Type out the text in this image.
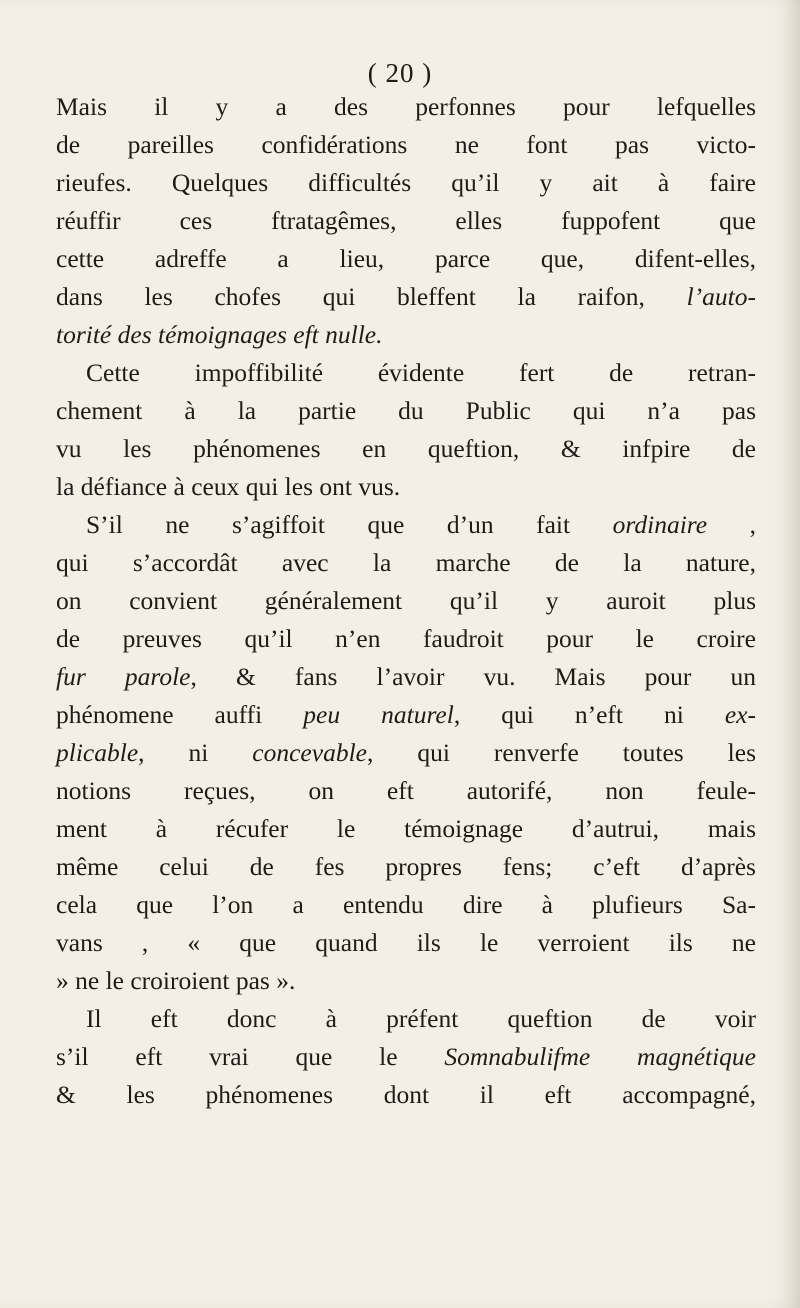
( 20 )
Mais il y a des perfonnes pour lefquelles
de pareilles confidérations ne font pas victo-
rieufes. Quelques difficultés qu’il y ait à faire
réuffir ces ftratagêmes, elles fuppofent que
cette adreffe a lieu, parce que, difent-elles,
dans les chofes qui bleffent la raifon, l’auto-
torité des témoignages eft nulle.
Cette impoffibilité évidente fert de retran-
chement à la partie du Public qui n’a pas
vu les phénomenes en queftion, & infpire de
la défiance à ceux qui les ont vus.
S’il ne s’agiffoit que d’un fait ordinaire ,
qui s’accordât avec la marche de la nature,
on convient généralement qu’il y auroit plus
de preuves qu’il n’en faudroit pour le croire
fur parole, & fans l’avoir vu. Mais pour un
phénomene auffi peu naturel, qui n’eft ni ex-
plicable, ni concevable, qui renverfe toutes les
notions reçues, on eft autorifé, non feule-
ment à récufer le témoignage d’autrui, mais
même celui de fes propres fens; c’eft d’après
cela que l’on a entendu dire à plufieurs Sa-
vans , « que quand ils le verroient ils ne
» ne le croiroient pas ».
Il eft donc à préfent queftion de voir
s’il eft vrai que le Somnabulifme magnétique
& les phénomenes dont il eft accompagné,
